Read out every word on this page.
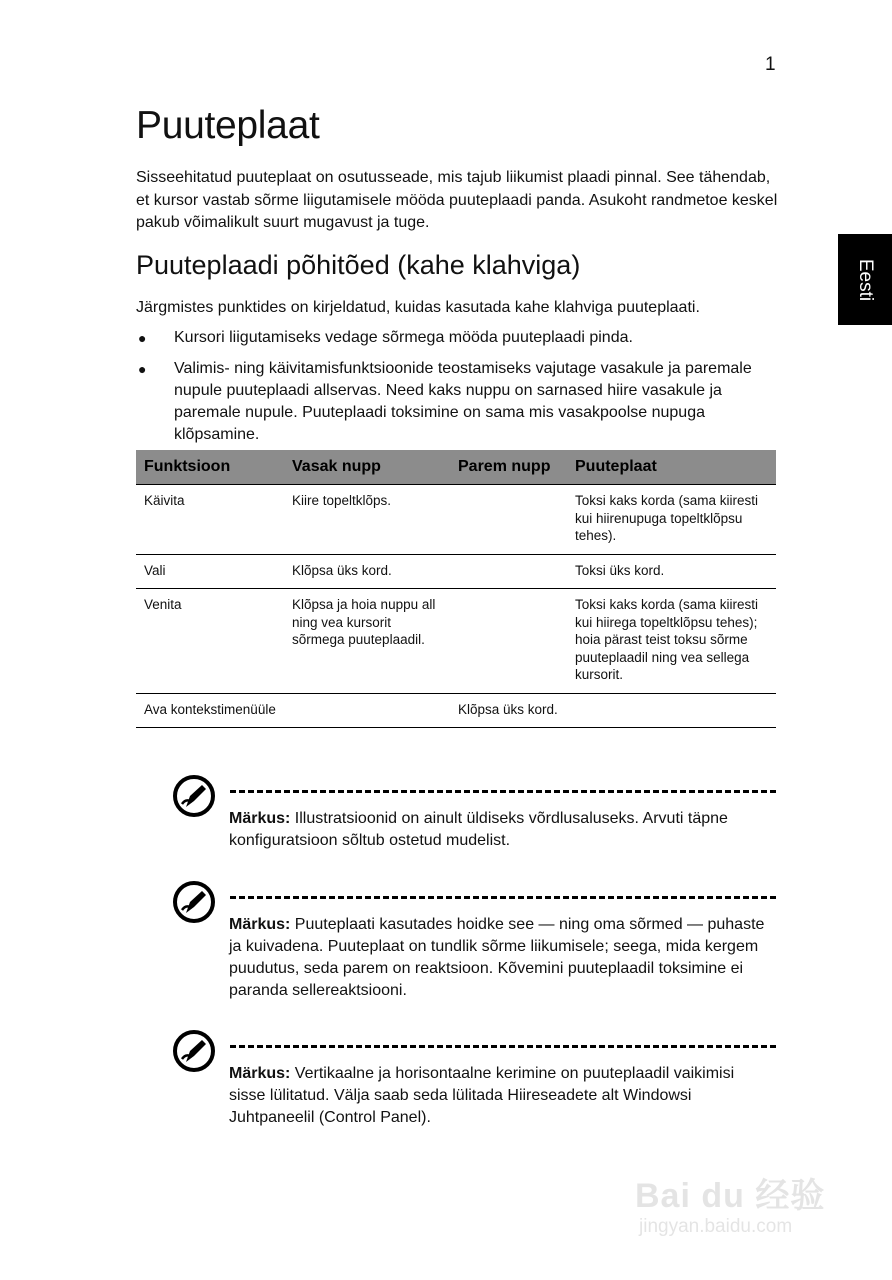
1
Eesti
Puuteplaat

Sisseehitatud puuteplaat on osutusseade, mis tajub liikumist plaadi pinnal. See tähendab, et kursor vastab sõrme liigutamisele mööda puuteplaadi panda. Asukoht randmetoe keskel pakub võimalikult suurt mugavust ja tuge.

Puuteplaadi põhitõed (kahe klahviga)

Järgmistes punktides on kirjeldatud, kuidas kasutada kahe klahviga puuteplaati.

● Kursori liigutamiseks vedage sõrmega mööda puuteplaadi pinda.
● Valimis- ning käivitamisfunktsioonide teostamiseks vajutage vasakule ja paremale nupule puuteplaadi allservas. Need kaks nuppu on sarnased hiire vasakule ja paremale nupule. Puuteplaadi toksimine on sama mis vasakpoolse nupuga klõpsamine.
Funktsioon	Vasak nupp	Parem nupp	Puuteplaat
Käivita	Kiire topeltklõps.		Toksi kaks korda (sama kiiresti kui hiirenupuga topeltklõpsu tehes).
Vali	Klõpsa üks kord.		Toksi üks kord.
Venita	Klõpsa ja hoia nuppu all ning vea kursorit sõrmega puuteplaadil.		Toksi kaks korda (sama kiiresti kui hiirega topeltklõpsu tehes); hoia pärast teist toksu sõrme puuteplaadil ning vea sellega kursorit.
Ava kontekstimenüüle		Klõpsa üks kord.	

Märkus: Illustratsioonid on ainult üldiseks võrdlusaluseks. Arvuti täpne konfiguratsioon sõltub ostetud mudelist.

Märkus: Puuteplaati kasutades hoidke see — ning oma sõrmed — puhaste ja kuivadena. Puuteplaat on tundlik sõrme liikumisele; seega, mida kergem puudutus, seda parem on reaktsioon. Kõvemini puuteplaadil toksimine ei paranda sellereaktsiooni.

Märkus: Vertikaalne ja horisontaalne kerimine on puuteplaadil vaikimisi sisse lülitatud. Välja saab seda lülitada Hiireseadete alt Windowsi Juhtpaneelil (Control Panel).

Bai du 经验
jingyan.baidu.com
